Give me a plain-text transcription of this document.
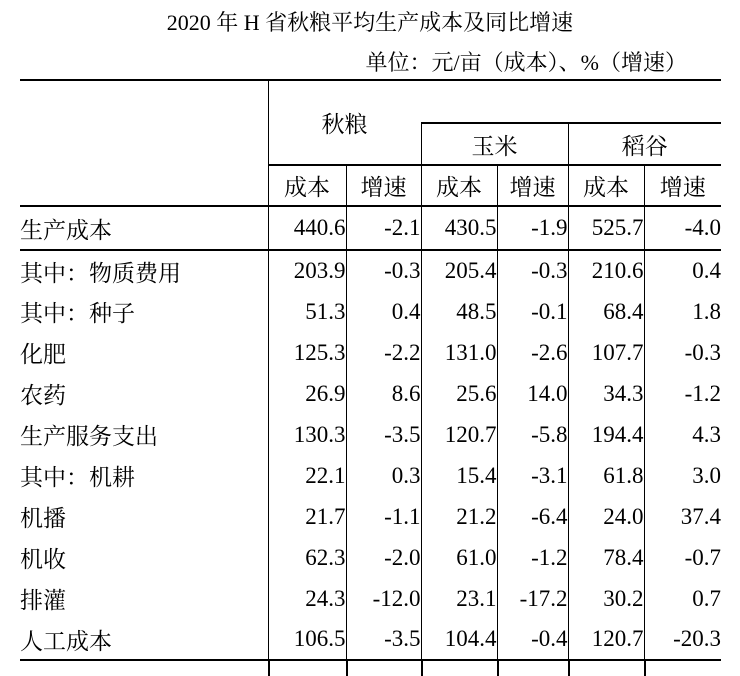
2020 年 H 省秋粮平均生产成本及同比增速
单位：元/亩（成本）、%（增速）
	秋粮					
			玉米		稻谷	
	成本	增速	成本	增速	成本	增速
生产成本	440.6	-2.1	430.5	-1.9	525.7	-4.0
其中：物质费用	203.9	-0.3	205.4	-0.3	210.6	0.4
其中：种子	51.3	0.4	48.5	-0.1	68.4	1.8
化肥	125.3	-2.2	131.0	-2.6	107.7	-0.3
农药	26.9	8.6	25.6	14.0	34.3	-1.2
生产服务支出	130.3	-3.5	120.7	-5.8	194.4	4.3
其中：机耕	22.1	0.3	15.4	-3.1	61.8	3.0
机播	21.7	-1.1	21.2	-6.4	24.0	37.4
机收	62.3	-2.0	61.0	-1.2	78.4	-0.7
排灌	24.3	-12.0	23.1	-17.2	30.2	0.7
人工成本	106.5	-3.5	104.4	-0.4	120.7	-20.3
